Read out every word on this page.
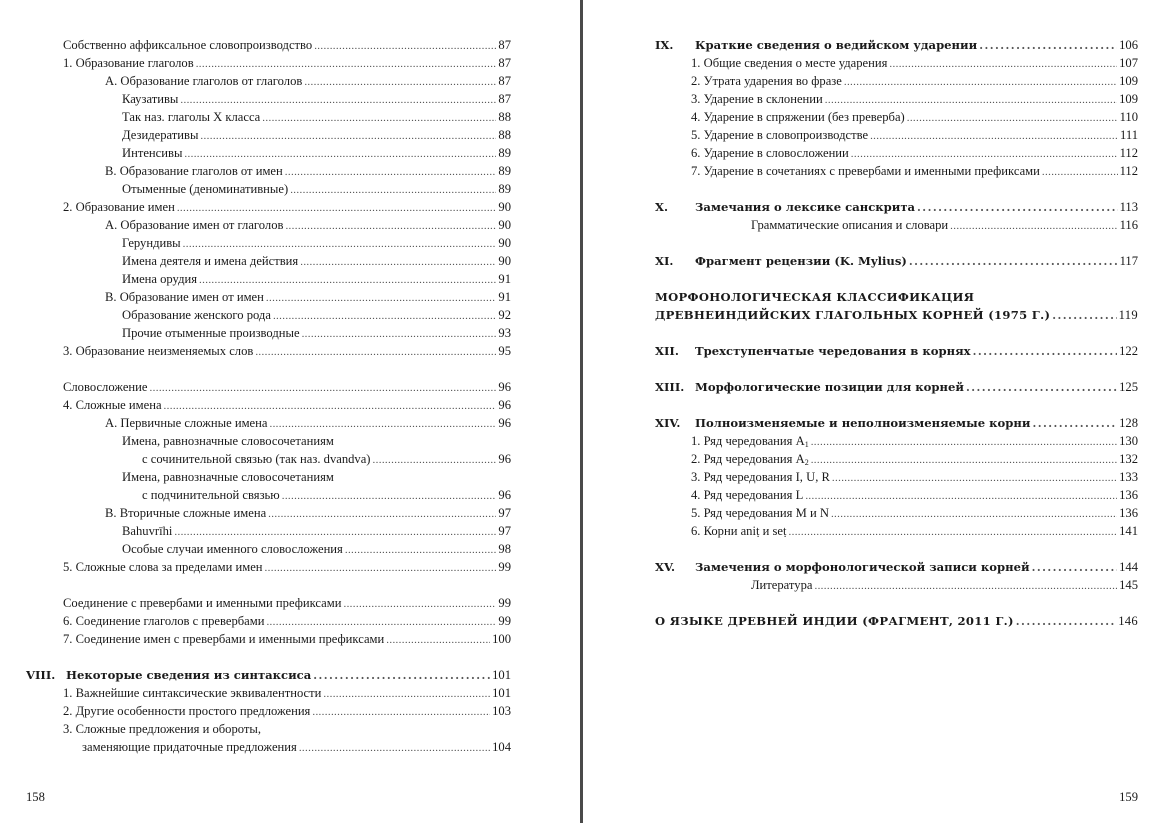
Собственно аффиксальное словопроизводство . . .	87
1. Образование глаголов . . .	87
A. Образование глаголов от глаголов . . .	87
Каузативы . . .	87
Так наз. глаголы X класса . . .	88
Дезидеративы . . .	88
Интенсивы . . .	89
B. Образование глаголов от имен . . .	89
Отыменные (деноминативные) . . .	89
2. Образование имен . . .	90
A. Образование имен от глаголов . . .	90
Герундивы . . .	90
Имена деятеля и имена действия . . .	90
Имена орудия . . .	91
B. Образование имен от имен . . .	91
Образование женского рода . . .	92
Прочие отыменные производные . . .	93
3. Образование неизменяемых слов . . .	95
Словосложение . . .	96
4. Сложные имена . . .	96
A. Первичные сложные имена . . .	96
Имена, равнозначные словосочетаниям
с сочинительной связью (так наз. dvandva) . . .	96
Имена, равнозначные словосочетаниям
с подчинительной связью . . .	96
B. Вторичные сложные имена . . .	97
Bahuvrīhi . . .	97
Особые случаи именного словосложения . . .	98
5. Сложные слова за пределами имен . . .	99
Соединение с превербами и именными префиксами . . .	99
6. Соединение глаголов с превербами . . .	99
7. Соединение имен с превербами и именными префиксами . . .	100
VIII. Некоторые сведения из синтаксиса . . .	101
1. Важнейшие синтаксические эквивалентности . . .	101
2. Другие особенности простого предложения . . .	103
3. Сложные предложения и обороты,
заменяющие придаточные предложения . . .	104
158
IX. Краткие сведения о ведийском ударении . . .	106
1. Общие сведения о месте ударения . . .	107
2. Утрата ударения во фразе . . .	109
3. Ударение в склонении . . .	109
4. Ударение в спряжении (без преверба) . . .	110
5. Ударение в словопроизводстве . . .	111
6. Ударение в словосложении . . .	112
7. Ударение в сочетаниях с превербами и именными префиксами . . .	112
X. Замечания о лексике санскрита . . .	113
Грамматические описания и словари . . .	116
XI. Фрагмент рецензии (K. Mylius) . . .	117
МОРФОНОЛОГИЧЕСКАЯ КЛАССИФИКАЦИЯ
ДРЕВНЕИНДИЙСКИХ ГЛАГОЛЬНЫХ КОРНЕЙ (1975 Г.) . . .	119
XII. Трехступенчатые чередования в корнях . . .	122
XIII. Морфологические позиции для корней . . .	125
XIV. Полноизменяемые и неполноизменяемые корни . . .	128
1. Ряд чередования $A_1$ . . .	130
2. Ряд чередования $A_2$ . . .	132
3. Ряд чередования I, U, R . . .	133
4. Ряд чередования L . . .	136
5. Ряд чередования M и N . . .	136
6. Корни aniṭ и seṭ . . .	141
XV. Замечения о морфонологической записи корней . . .	144
Литература . . .	145
О ЯЗЫКЕ ДРЕВНЕЙ ИНДИИ (ФРАГМЕНТ, 2011 Г.) . . .	146
159
